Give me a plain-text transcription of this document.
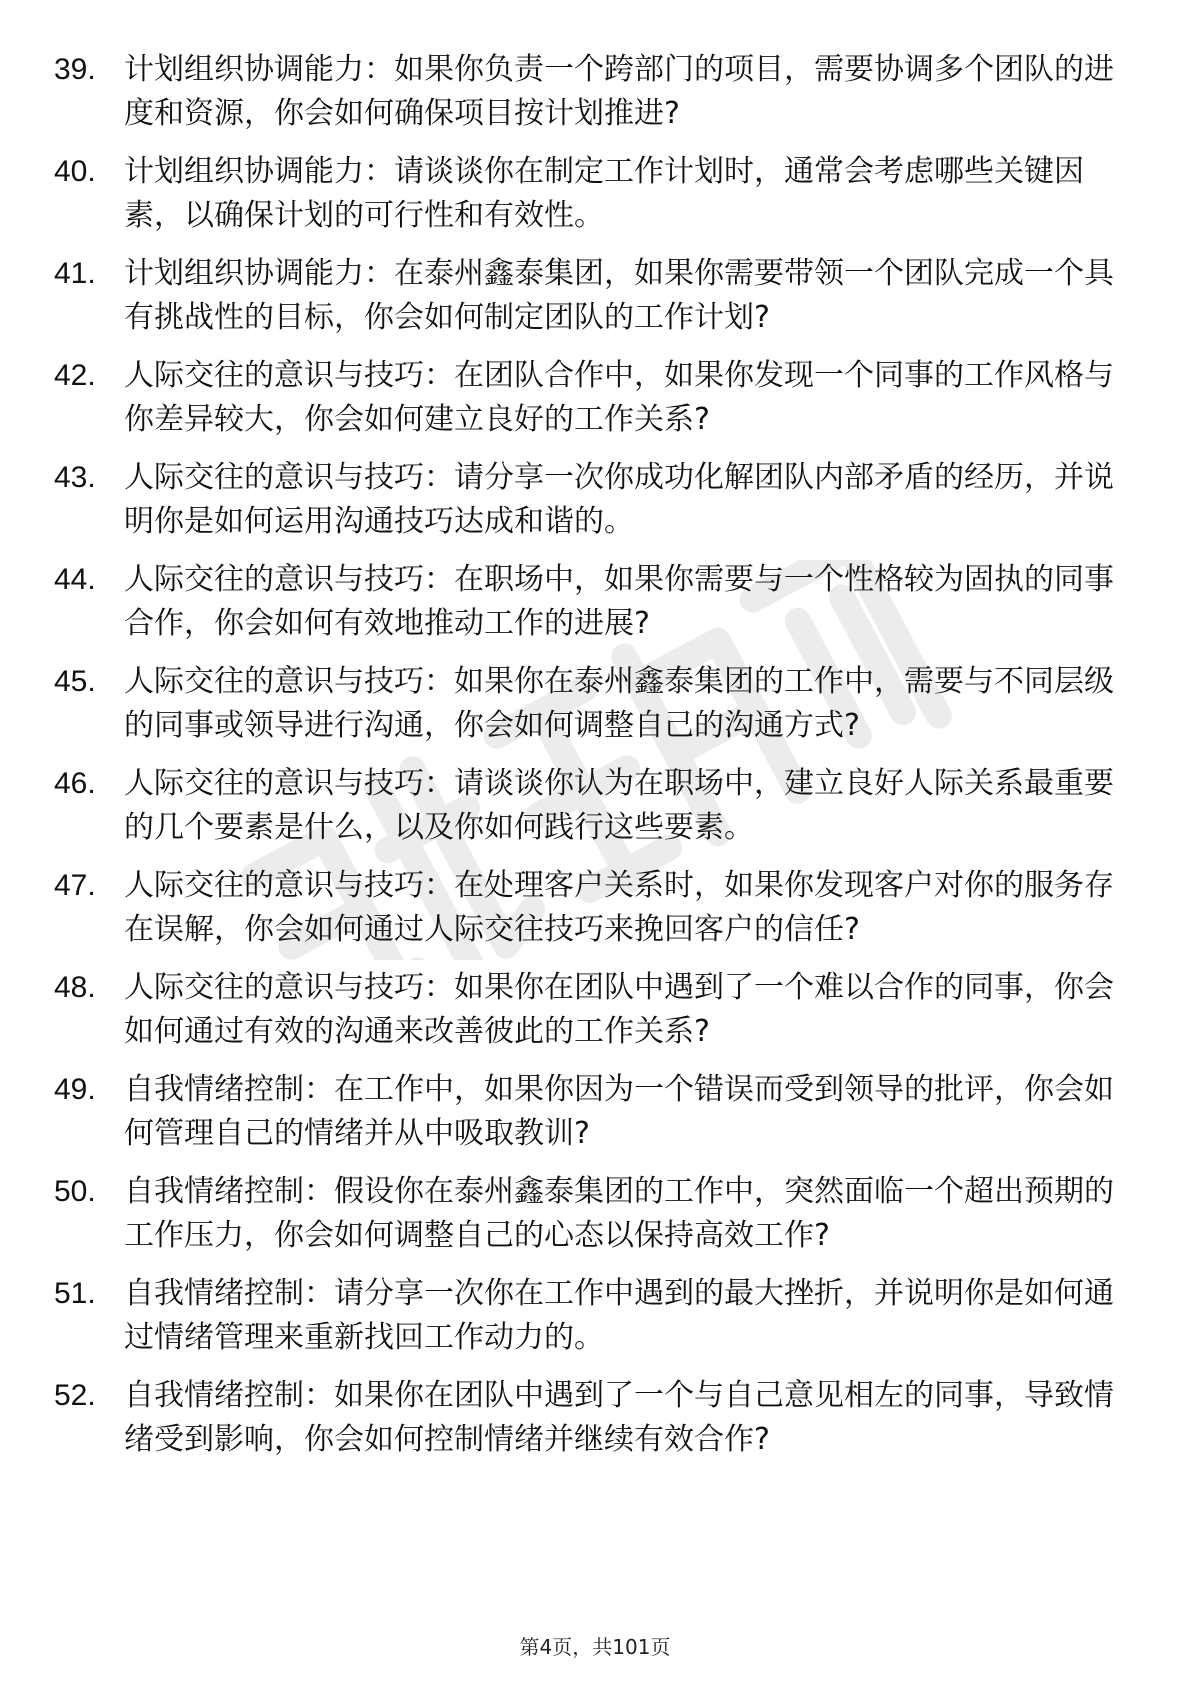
39. 计划组织协调能力：如果你负责一个跨部门的项目，需要协调多个团队的进度和资源，你会如何确保项目按计划推进?
40. 计划组织协调能力：请谈谈你在制定工作计划时，通常会考虑哪些关键因素，以确保计划的可行性和有效性。
41. 计划组织协调能力：在泰州鑫泰集团，如果你需要带领一个团队完成一个具有挑战性的目标，你会如何制定团队的工作计划?
42. 人际交往的意识与技巧：在团队合作中，如果你发现一个同事的工作风格与你差异较大，你会如何建立良好的工作关系?
43. 人际交往的意识与技巧：请分享一次你成功化解团队内部矛盾的经历，并说明你是如何运用沟通技巧达成和谐的。
44. 人际交往的意识与技巧：在职场中，如果你需要与一个性格较为固执的同事合作，你会如何有效地推动工作的进展?
45. 人际交往的意识与技巧：如果你在泰州鑫泰集团的工作中，需要与不同层级的同事或领导进行沟通，你会如何调整自己的沟通方式?
46. 人际交往的意识与技巧：请谈谈你认为在职场中，建立良好人际关系最重要的几个要素是什么，以及你如何践行这些要素。
47. 人际交往的意识与技巧：在处理客户关系时，如果你发现客户对你的服务存在误解，你会如何通过人际交往技巧来挽回客户的信任?
48. 人际交往的意识与技巧：如果你在团队中遇到了一个难以合作的同事，你会如何通过有效的沟通来改善彼此的工作关系?
49. 自我情绪控制：在工作中，如果你因为一个错误而受到领导的批评，你会如何管理自己的情绪并从中吸取教训?
50. 自我情绪控制：假设你在泰州鑫泰集团的工作中，突然面临一个超出预期的工作压力，你会如何调整自己的心态以保持高效工作?
51. 自我情绪控制：请分享一次你在工作中遇到的最大挫折，并说明你是如何通过情绪管理来重新找回工作动力的。
52. 自我情绪控制：如果你在团队中遇到了一个与自己意见相左的同事，导致情绪受到影响，你会如何控制情绪并继续有效合作?
第4页，共101页
